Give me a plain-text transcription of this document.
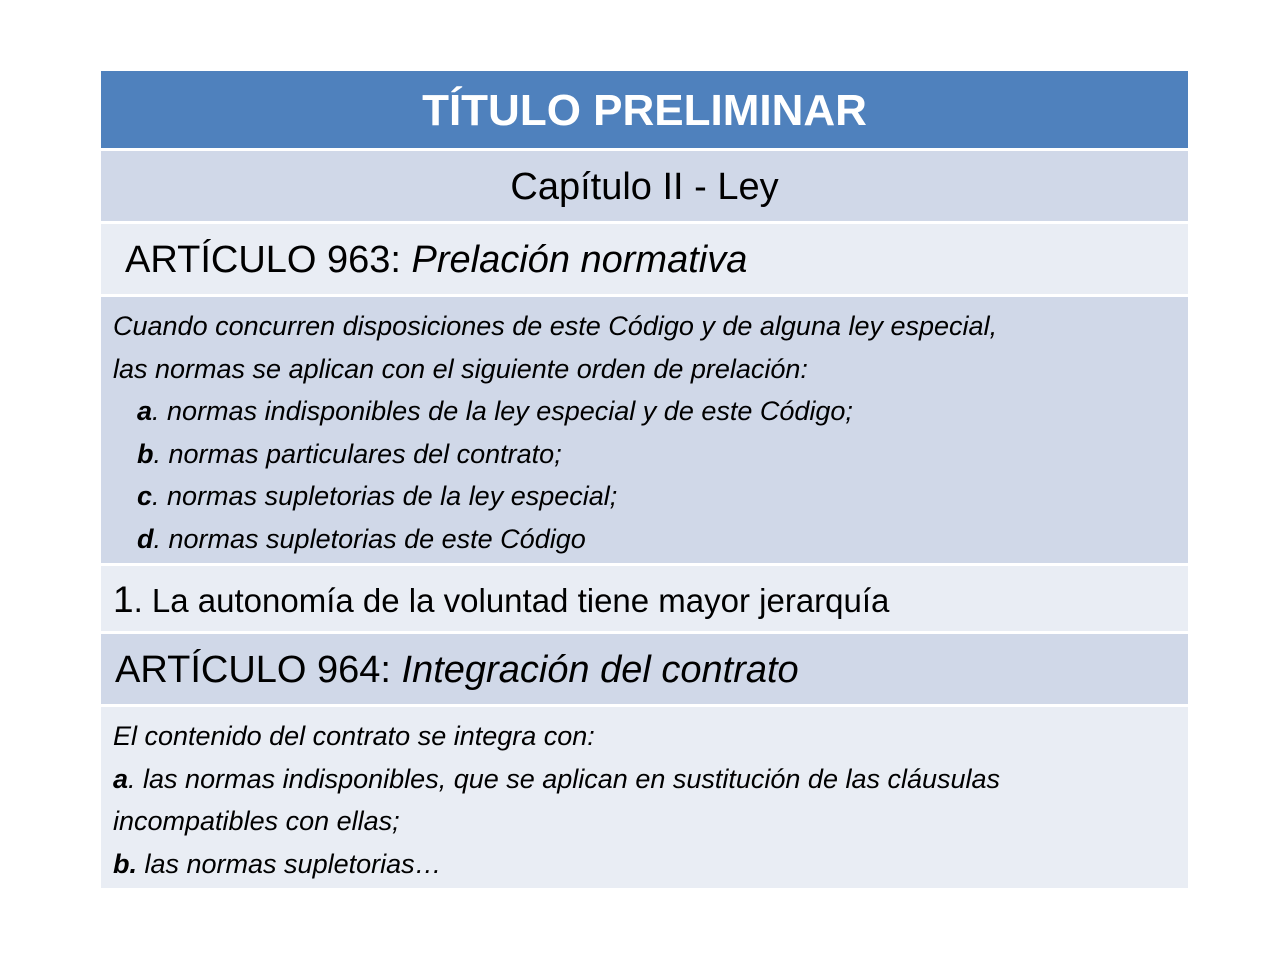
TÍTULO PRELIMINAR
Capítulo II - Ley
ARTÍCULO 963: Prelación normativa
Cuando concurren disposiciones de este Código y de alguna ley especial,
las normas se aplican con el siguiente orden de prelación:
a. normas indisponibles de la ley especial y de este Código;
b. normas particulares del contrato;
c. normas supletorias de la ley especial;
d. normas supletorias de este Código
1. La autonomía de la voluntad tiene mayor jerarquía
ARTÍCULO 964: Integración del contrato
El contenido del contrato se integra con:
a. las normas indisponibles, que se aplican en sustitución de las cláusulas
incompatibles con ellas;
b. las normas supletorias…
